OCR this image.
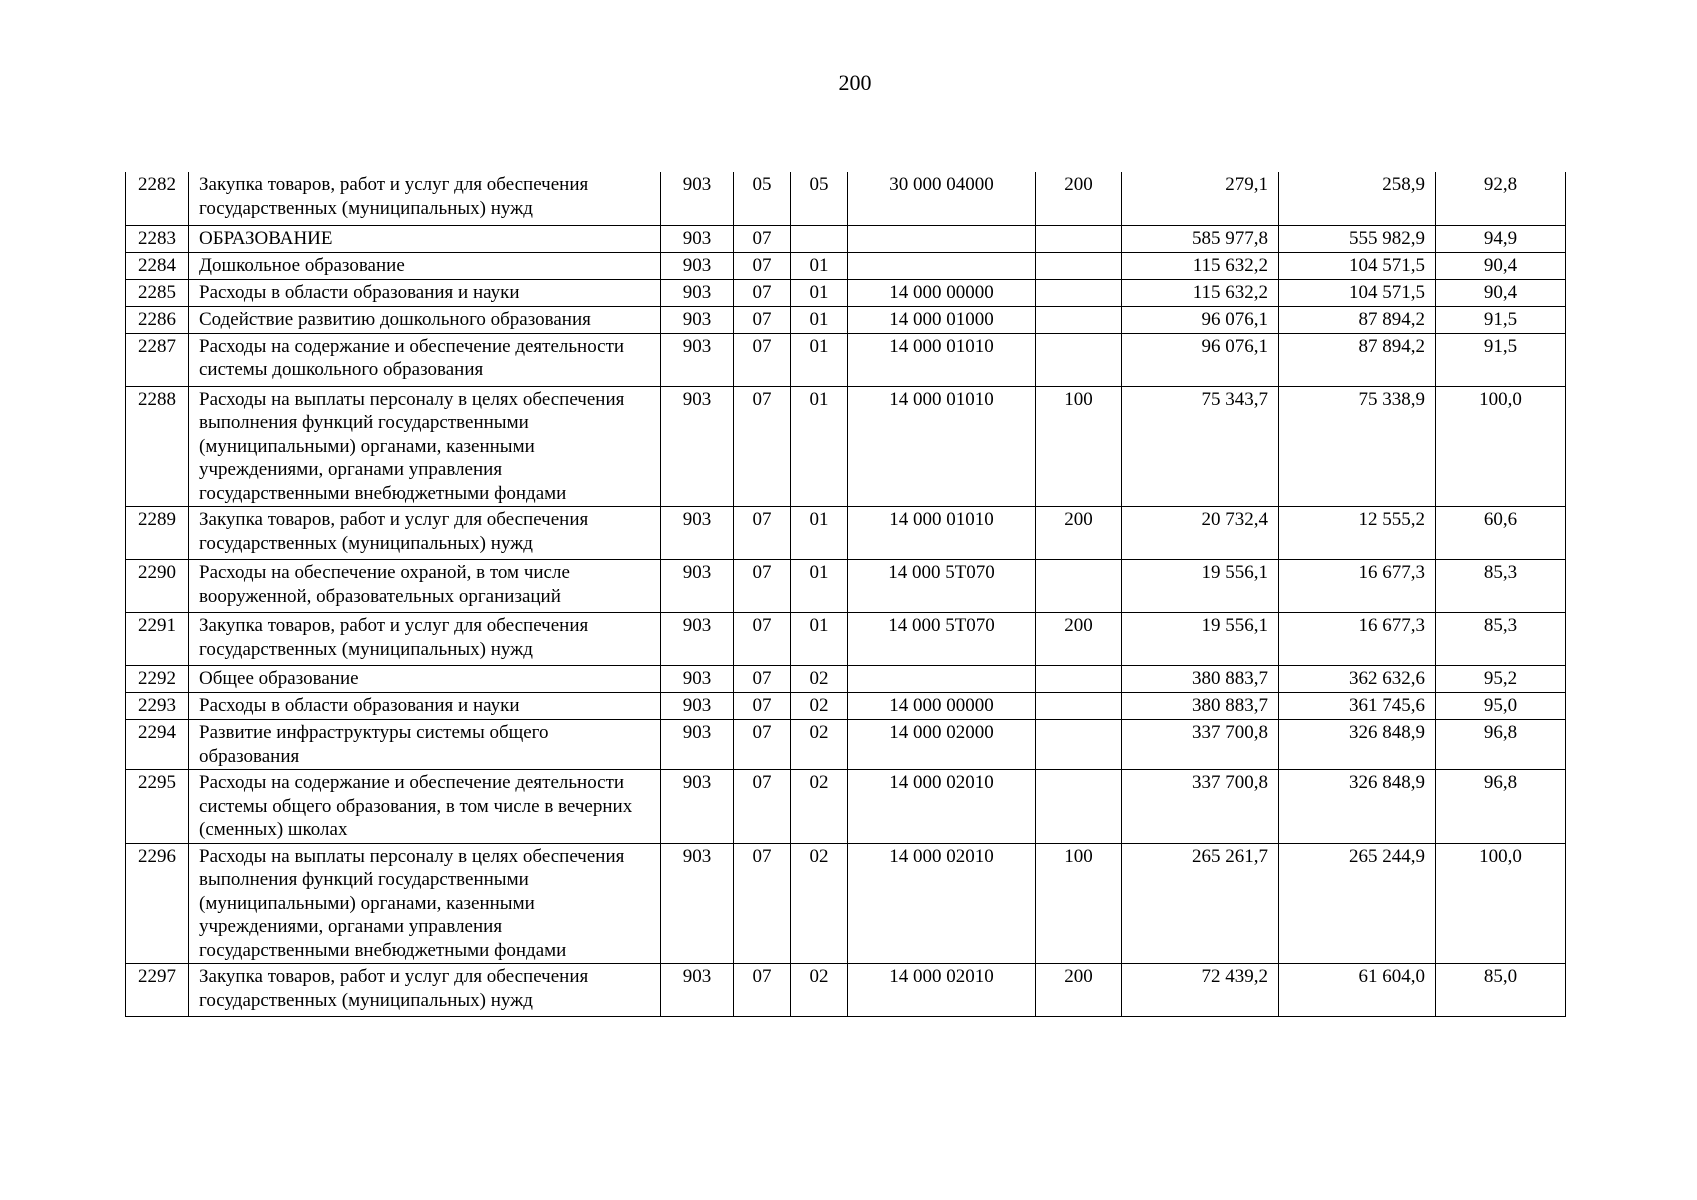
200
2282	Закупка товаров, работ и услуг для обеспечения государственных (муниципальных) нужд	903	05	05	30 000 04000	200	279,1	258,9	92,8
2283	ОБРАЗОВАНИЕ	903	07				585 977,8	555 982,9	94,9
2284	Дошкольное образование	903	07	01			115 632,2	104 571,5	90,4
2285	Расходы в области образования и науки	903	07	01	14 000 00000		115 632,2	104 571,5	90,4
2286	Содействие развитию дошкольного образования	903	07	01	14 000 01000		96 076,1	87 894,2	91,5
2287	Расходы на содержание и обеспечение деятельности системы дошкольного образования	903	07	01	14 000 01010		96 076,1	87 894,2	91,5
2288	Расходы на выплаты персоналу в целях обеспечения выполнения функций государственными (муниципальными) органами, казенными учреждениями, органами управления государственными внебюджетными фондами	903	07	01	14 000 01010	100	75 343,7	75 338,9	100,0
2289	Закупка товаров, работ и услуг для обеспечения государственных (муниципальных) нужд	903	07	01	14 000 01010	200	20 732,4	12 555,2	60,6
2290	Расходы на обеспечение охраной, в том числе вооруженной, образовательных организаций	903	07	01	14 000 5Т070		19 556,1	16 677,3	85,3
2291	Закупка товаров, работ и услуг для обеспечения государственных (муниципальных) нужд	903	07	01	14 000 5Т070	200	19 556,1	16 677,3	85,3
2292	Общее образование	903	07	02			380 883,7	362 632,6	95,2
2293	Расходы в области образования и науки	903	07	02	14 000 00000		380 883,7	361 745,6	95,0
2294	Развитие инфраструктуры системы общего образования	903	07	02	14 000 02000		337 700,8	326 848,9	96,8
2295	Расходы на содержание и обеспечение деятельности системы общего образования, в том числе в вечерних (сменных) школах	903	07	02	14 000 02010		337 700,8	326 848,9	96,8
2296	Расходы на выплаты персоналу в целях обеспечения выполнения функций государственными (муниципальными) органами, казенными учреждениями, органами управления государственными внебюджетными фондами	903	07	02	14 000 02010	100	265 261,7	265 244,9	100,0
2297	Закупка товаров, работ и услуг для обеспечения государственных (муниципальных) нужд	903	07	02	14 000 02010	200	72 439,2	61 604,0	85,0
